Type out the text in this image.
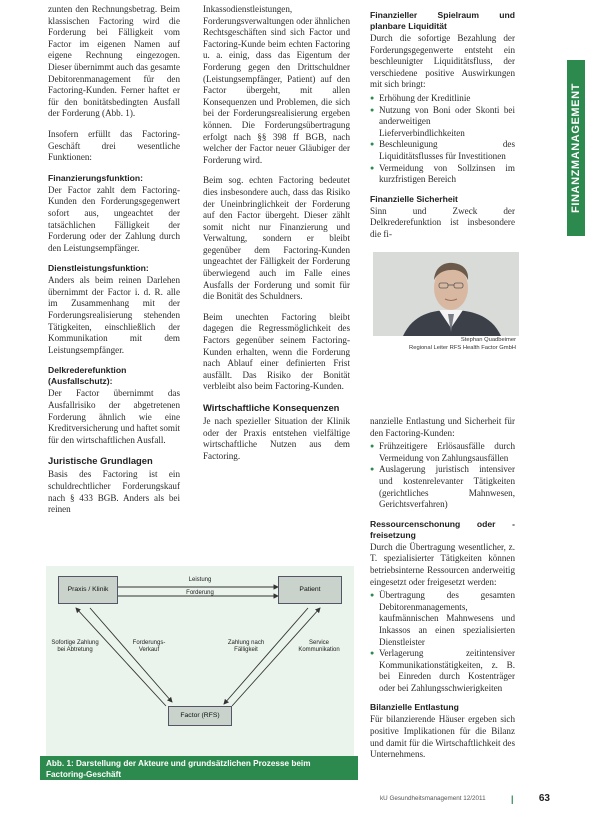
FINANZMANAGEMENT

zunten den Rechnungsbetrag. Beim klassischen Factoring wird die Forderung bei Fälligkeit vom Factor im eigenen Namen auf eigene Rechnung eingezogen. Dieser übernimmt auch das gesamte Debitorenmanagement für den Factoring-Kunden. Ferner haftet er für den bonitätsbedingten Ausfall der Forderung (Abb. 1).

Insofern erfüllt das Factoring-Geschäft drei wesentliche Funktionen:

Finanzierungsfunktion:

Der Factor zahlt dem Factoring-Kunden den Forderungsgegenwert sofort aus, ungeachtet der tatsächlichen Fälligkeit der Forderung oder der Zahlung durch den Leistungsempfänger.

Dienstleistungsfunktion:

Anders als beim reinen Darlehen übernimmt der Factor i. d. R. alle im Zusammenhang mit der Forderungsrealisierung stehenden Tätigkeiten, einschließlich der Kommunikation mit dem Leistungsempfänger.

Delkrederefunktion (Ausfallschutz):

Der Factor übernimmt das Ausfallrisiko der abgetretenen Forderung ähnlich wie eine Kreditversicherung und haftet somit für den wirtschaftlichen Ausfall.

Juristische Grundlagen

Basis des Factoring ist ein schuldrechtlicher Forderungskauf nach § 433 BGB. Anders als bei reinen

Inkassodienstleistungen, Forderungsverwaltungen oder ähnlichen Rechtsgeschäften sind sich Factor und Factoring-Kunde beim echten Factoring u. a. einig, dass das Eigentum der Forderung gegen den Drittschuldner (Leistungsempfänger, Patient) auf den Factor übergeht, mit allen Konsequenzen und Problemen, die sich bei der Forderungsrealisierung ergeben können. Die Forderungsübertragung erfolgt nach §§ 398 ff BGB, nach welcher der Factor neuer Gläubiger der Forderung wird.

Beim sog. echten Factoring bedeutet dies insbesondere auch, dass das Risiko der Uneinbringlichkeit der Forderung auf den Factor übergeht. Dieser zählt somit nicht nur Finanzierung und Verwaltung, sondern er bleibt gegenüber dem Factoring-Kunden ungeachtet der Fälligkeit der Forderung überwiegend auch im Falle eines Ausfalls der Forderung und somit für die Bonität des Schuldners.

Beim unechten Factoring bleibt dagegen die Regressmöglichkeit des Factors gegenüber seinem Factoring-Kunden erhalten, wenn die Forderung nach Ablauf einer definierten Frist ausfällt. Das Risiko der Bonität verbleibt also beim Factoring-Kunden.

Wirtschaftliche Konsequenzen

Je nach spezieller Situation der Klinik oder der Praxis entstehen vielfältige wirtschaftliche Nutzen aus dem Factoring.

Finanzieller Spielraum und planbare Liquidität

Durch die sofortige Bezahlung der Forderungsgegenwerte entsteht ein beschleunigter Liquiditätsfluss, der verschiedene positive Auswirkungen mit sich bringt:

● Erhöhung der Kreditlinie
● Nutzung von Boni oder Skonti bei anderweitigen Lieferverbindlichkeiten
● Beschleunigung des Liquiditätsflusses für Investitionen
● Vermeidung von Sollzinsen im kurzfristigen Bereich
Finanzielle Sicherheit

Sinn und Zweck der Delkrederefunktion ist insbesondere die fi-

Stephan Quadbeimer
Regional Leiter RFS Health Factor GmbH

nanzielle Entlastung und Sicherheit für den Factoring-Kunden:

● Frühzeitigere Erlösausfälle durch Vermeidung von Zahlungsausfällen
● Auslagerung juristisch intensiver und kostenrelevanter Tätigkeiten (gerichtliches Mahnwesen, Gerichtsverfahren)
Ressourcenschonung oder -freisetzung

Durch die Übertragung wesentlicher, z. T. spezialisierter Tätigkeiten können betriebsinterne Ressourcen anderweitig eingesetzt oder freigesetzt werden:

● Übertragung des gesamten Debitorenmanagements, kaufmännischen Mahnwesens und Inkassos an einen spezialisierten Dienstleister
● Verlagerung zeitintensiver Kommunikationstätigkeiten, z. B. bei Einreden durch Kostenträger oder bei Zahlungsschwierigkeiten
Bilanzielle Entlastung

Für bilanzierende Häuser ergeben sich positive Implikationen für die Bilanz und damit für die Wirtschaftlichkeit des Unternehmens.

Praxis / Klinik	Patient
Factor (RFS)
Leistung
Forderung
Sofortige Zahlung bei Abtretung
Forderungs-Verkauf
Zahlung nach Fälligkeit
Service Kommunikation
Abb. 1: Darstellung der Akteure und grundsätzlichen Prozesse beim Factoring-Geschäft
kU Gesundheitsmanagement 12/2011	|	63
